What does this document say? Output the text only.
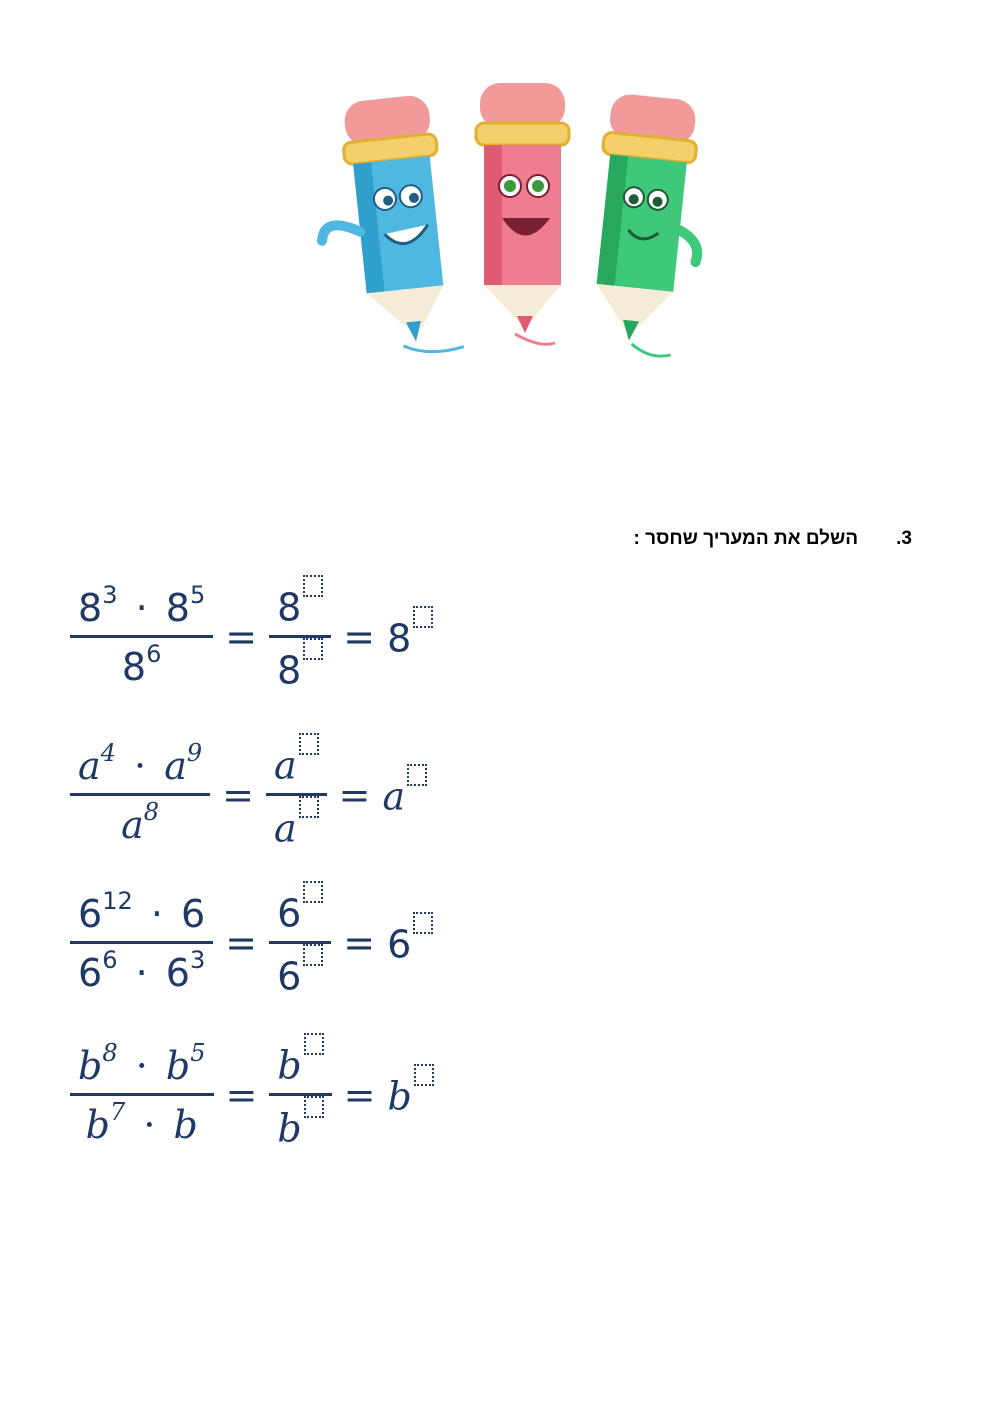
3.
השלם את המעריך שחסר :
$\frac{8^3 \cdot 8^5}{8^6} = \frac{8}{8} = 8$
$\frac{a^4 \cdot a^9}{a^8} = \frac{a}{a} = a$
$\frac{6^{12} \cdot 6}{6^6 \cdot 6^3} = \frac{6}{6} = 6$
$\frac{b^8 \cdot b^5}{b^7 \cdot b} = \frac{b}{b} = b$
